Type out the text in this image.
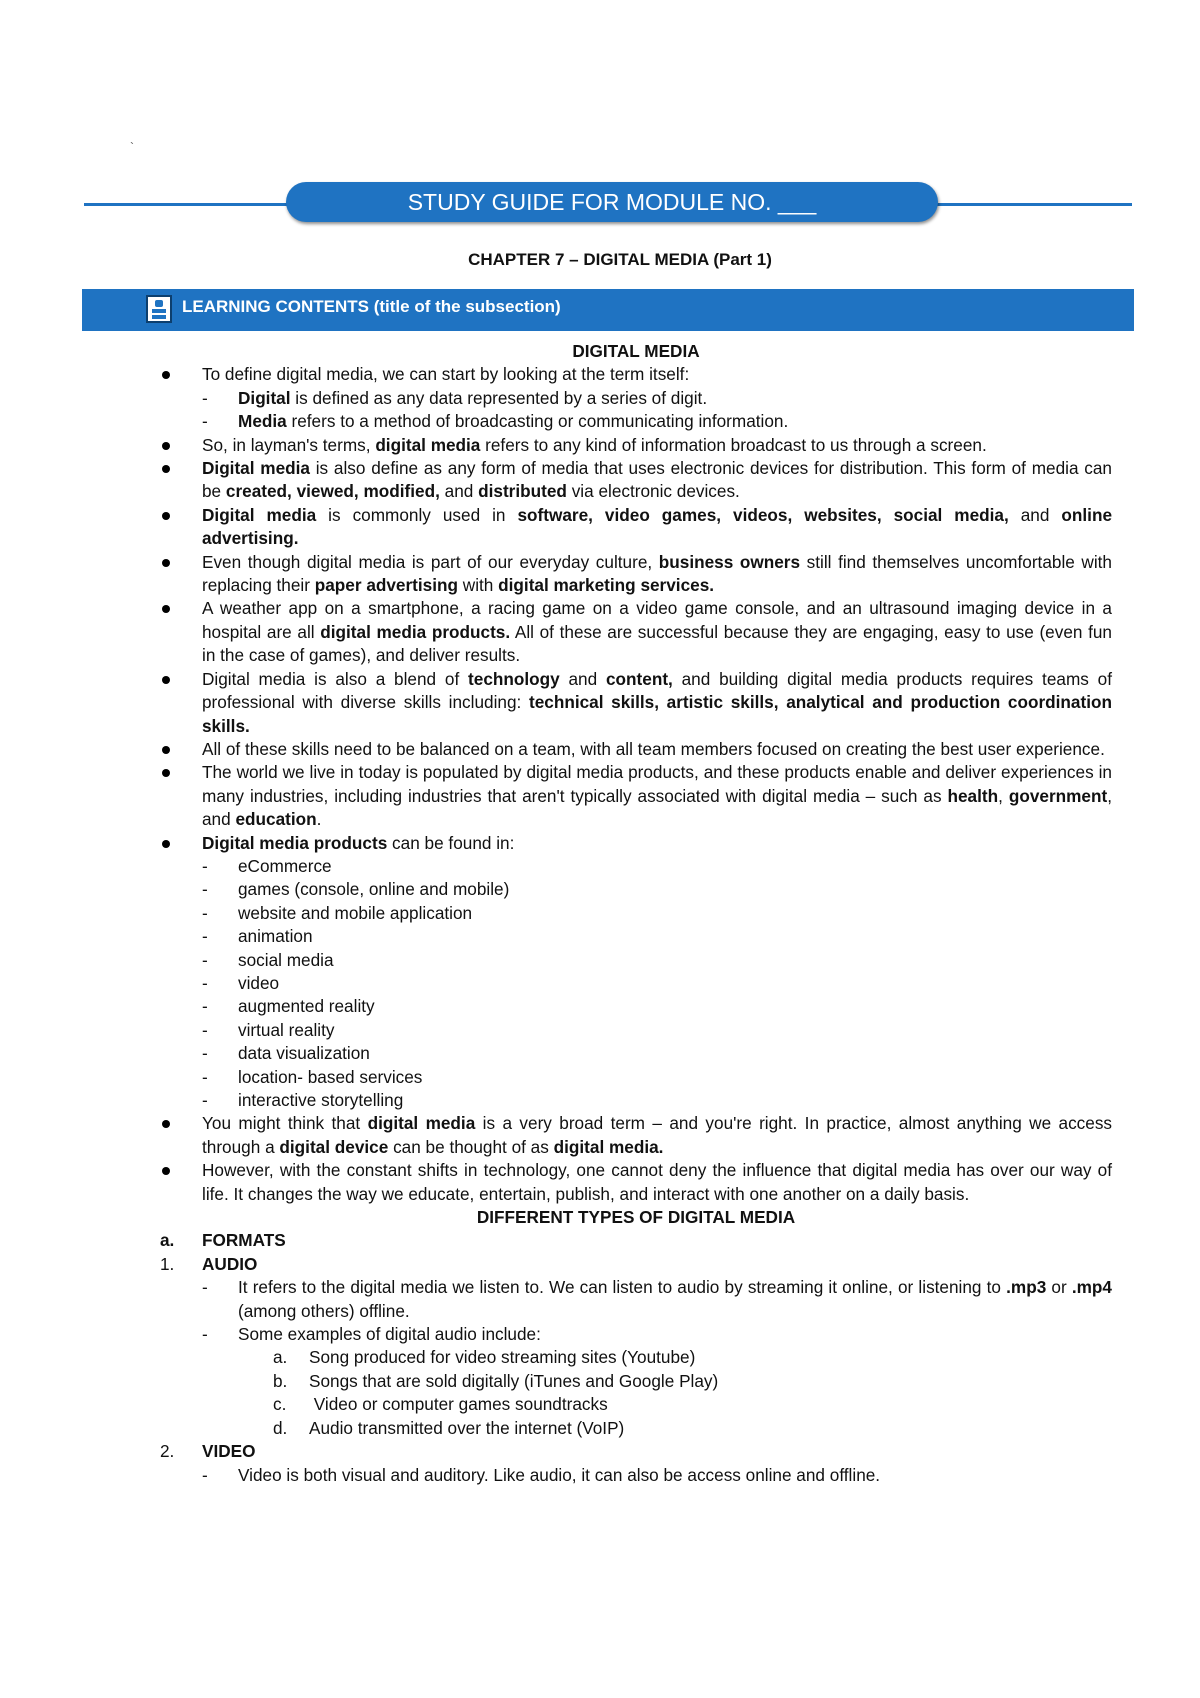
`
STUDY GUIDE FOR MODULE NO. ___
CHAPTER 7 – DIGITAL MEDIA (Part 1)
LEARNING CONTENTS (title of the subsection)
DIGITAL MEDIA
To define digital media, we can start by looking at the term itself:
- Digital is defined as any data represented by a series of digit.
- Media refers to a method of broadcasting or communicating information.
So, in layman's terms, digital media refers to any kind of information broadcast to us through a screen.
Digital media is also define as any form of media that uses electronic devices for distribution. This form of media can be created, viewed, modified, and distributed via electronic devices.
Digital media is commonly used in software, video games, videos, websites, social media, and online advertising.
Even though digital media is part of our everyday culture, business owners still find themselves uncomfortable with replacing their paper advertising with digital marketing services.
A weather app on a smartphone, a racing game on a video game console, and an ultrasound imaging device in a hospital are all digital media products. All of these are successful because they are engaging, easy to use (even fun in the case of games), and deliver results.
Digital media is also a blend of technology and content, and building digital media products requires teams of professional with diverse skills including: technical skills, artistic skills, analytical and production coordination skills.
All of these skills need to be balanced on a team, with all team members focused on creating the best user experience.
The world we live in today is populated by digital media products, and these products enable and deliver experiences in many industries, including industries that aren't typically associated with digital media – such as health, government, and education.
Digital media products can be found in:
- eCommerce
- games (console, online and mobile)
- website and mobile application
- animation
- social media
- video
- augmented reality
- virtual reality
- data visualization
- location- based services
- interactive storytelling
You might think that digital media is a very broad term – and you're right. In practice, almost anything we access through a digital device can be thought of as digital media.
However, with the constant shifts in technology, one cannot deny the influence that digital media has over our way of life. It changes the way we educate, entertain, publish, and interact with one another on a daily basis.
DIFFERENT TYPES OF DIGITAL MEDIA
a. FORMATS
1. AUDIO
- It refers to the digital media we listen to. We can listen to audio by streaming it online, or listening to .mp3 or .mp4 (among others) offline.
- Some examples of digital audio include:
a. Song produced for video streaming sites (Youtube)
b. Songs that are sold digitally (iTunes and Google Play)
c. Video or computer games soundtracks
d. Audio transmitted over the internet (VoIP)
2. VIDEO
- Video is both visual and auditory. Like audio, it can also be access online and offline.
